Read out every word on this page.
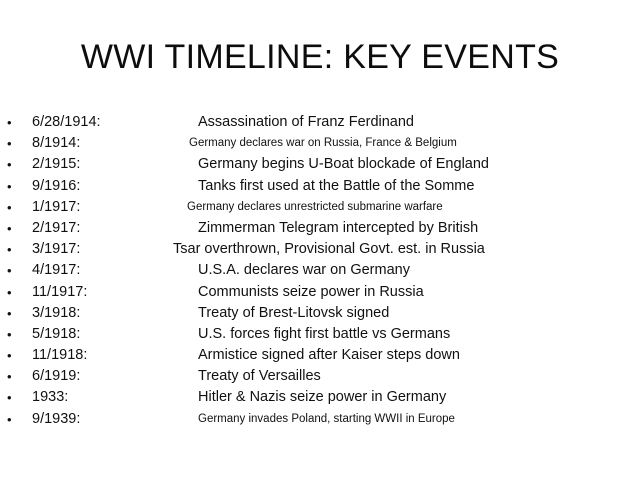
WWI TIMELINE: KEY EVENTS
• 6/28/1914:	Assassination of Franz Ferdinand
• 8/1914:	Germany declares war on Russia, France & Belgium
• 2/1915:	Germany begins U-Boat blockade of England
• 9/1916:	Tanks first used at the Battle of the Somme
• 1/1917:	Germany declares unrestricted submarine warfare
• 2/1917:	Zimmerman Telegram intercepted by British
• 3/1917:	Tsar overthrown, Provisional Govt. est. in Russia
• 4/1917:	U.S.A. declares war on Germany
• 11/1917:	Communists seize power in Russia
• 3/1918:	Treaty of Brest-Litovsk signed
• 5/1918:	U.S. forces fight first battle vs Germans
• 11/1918:	Armistice signed after Kaiser steps down
• 6/1919:	Treaty of Versailles
• 1933:	Hitler & Nazis seize power in Germany
• 9/1939:	Germany invades Poland, starting WWII in Europe
